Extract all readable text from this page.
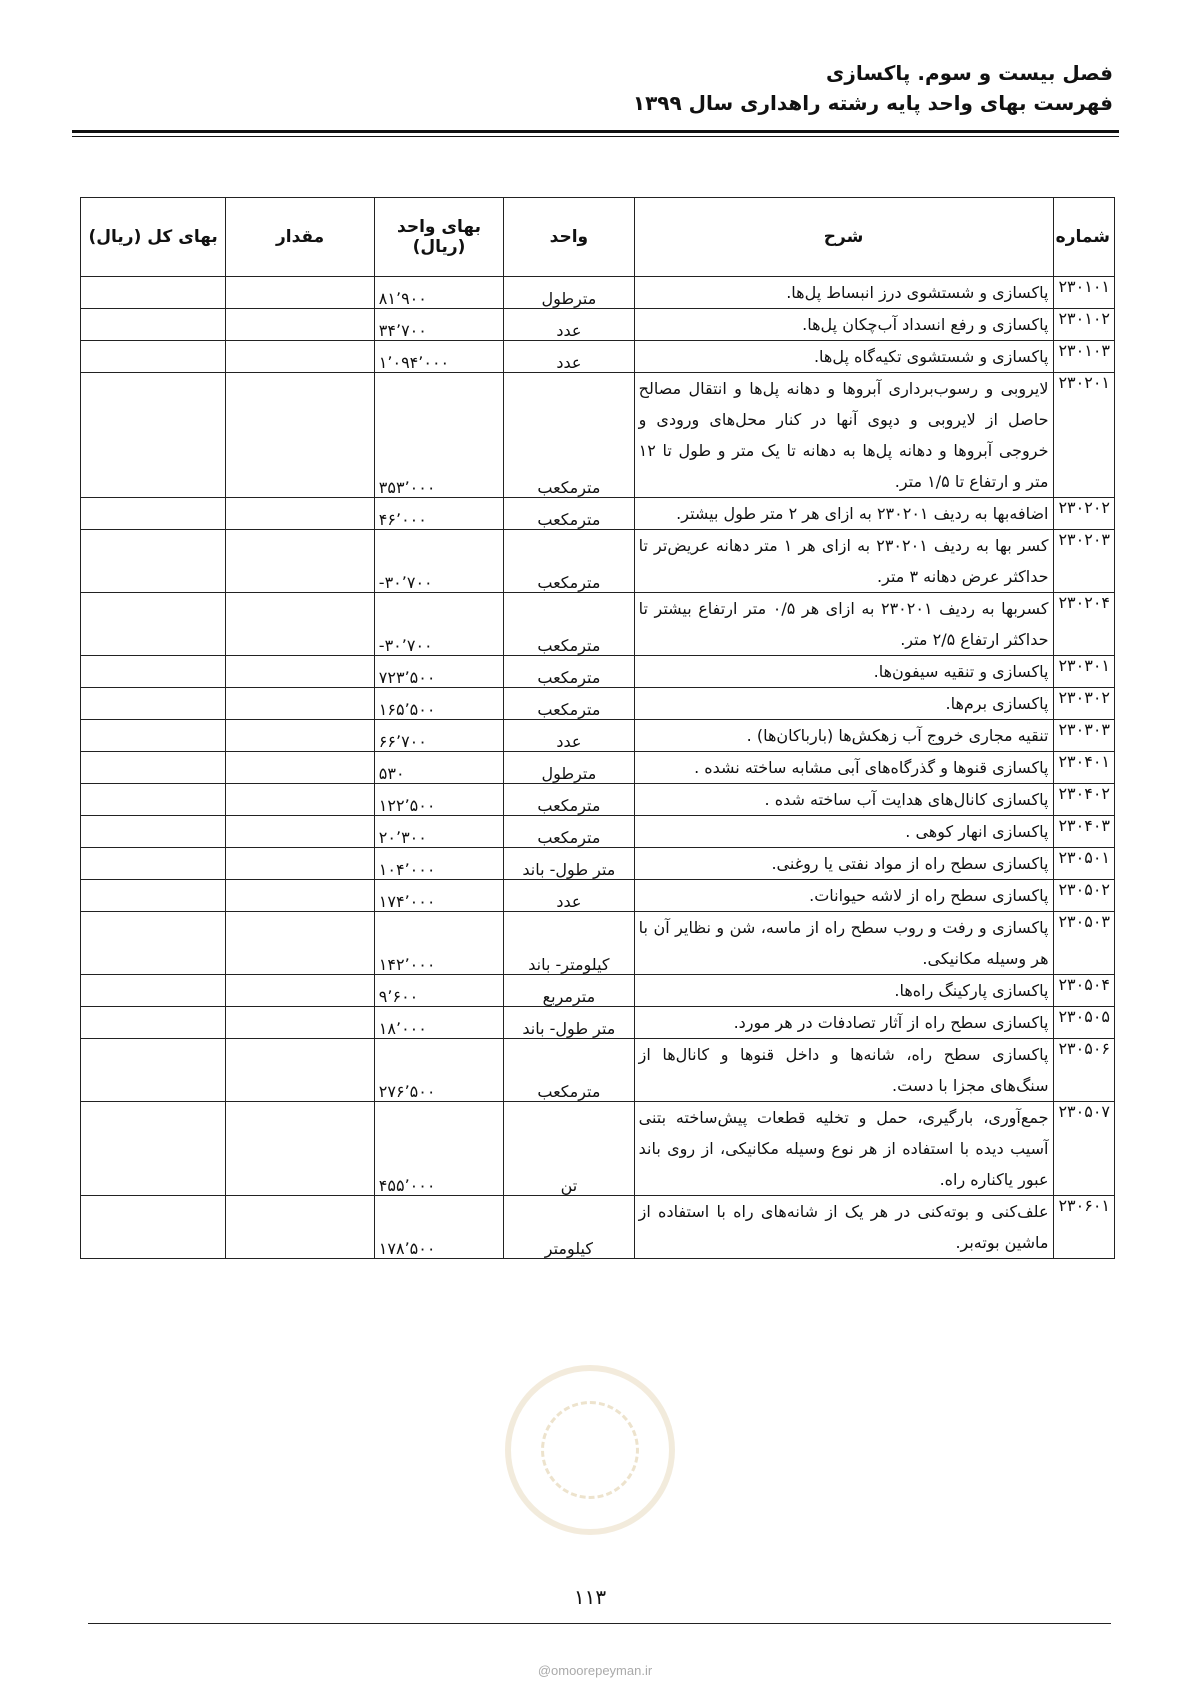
فصل بیست و سوم. پاکسازی
فهرست بهای واحد پایه رشته راهداری سال ۱۳۹۹
شماره	شرح	واحد	بهای واحد (ریال)	مقدار	بهای کل (ریال)
۲۳۰۱۰۱	پاکسازی و شستشوی درز انبساط پل‌ها.	مترطول	۸۱٬۹۰۰		
۲۳۰۱۰۲	پاکسازی و رفع انسداد آب‌چکان پل‌ها.	عدد	۳۴٬۷۰۰		
۲۳۰۱۰۳	پاکسازی و شستشوی تکیه‌گاه پل‌ها.	عدد	۱٬۰۹۴٬۰۰۰		
۲۳۰۲۰۱	لایروبی و رسوب‌برداری آبروها و دهانه پل‌ها و انتقال مصالح حاصل از لایروبی و دپوی آنها در کنار محل‌های ورودی و خروجی آبروها و دهانه پل‌ها به دهانه تا یک متر و طول تا ۱۲ متر و ارتفاع تا ۱/۵ متر.	مترمکعب	۳۵۳٬۰۰۰		
۲۳۰۲۰۲	اضافه‌بها به ردیف ۲۳۰۲۰۱ به ازای هر ۲ متر طول بیشتر.	مترمکعب	۴۶٬۰۰۰		
۲۳۰۲۰۳	کسر بها به ردیف ۲۳۰۲۰۱ به ازای هر ۱ متر دهانه عریض‌تر تا حداکثر عرض دهانه ۳ متر.	مترمکعب	-۳۰٬۷۰۰		
۲۳۰۲۰۴	کسربها به ردیف ۲۳۰۲۰۱ به ازای هر ۰/۵ متر ارتفاع بیشتر تا حداکثر ارتفاع ۲/۵ متر.	مترمکعب	-۳۰٬۷۰۰		
۲۳۰۳۰۱	پاکسازی و تنقیه سیفون‌ها.	مترمکعب	۷۲۳٬۵۰۰		
۲۳۰۳۰۲	پاکسازی برم‌ها.	مترمکعب	۱۶۵٬۵۰۰		
۲۳۰۳۰۳	تنقیه مجاری خروج آب زهکش‌ها (بارباکان‌ها) .	عدد	۶۶٬۷۰۰		
۲۳۰۴۰۱	پاکسازی قنوها و گذرگاه‌های آبی مشابه ساخته نشده .	مترطول	۵۳۰		
۲۳۰۴۰۲	پاکسازی کانال‌های هدایت آب ساخته شده .	مترمکعب	۱۲۲٬۵۰۰		
۲۳۰۴۰۳	پاکسازی انهار کوهی .	مترمکعب	۲۰٬۳۰۰		
۲۳۰۵۰۱	پاکسازی سطح راه از مواد نفتی یا روغنی.	متر طول- باند	۱۰۴٬۰۰۰		
۲۳۰۵۰۲	پاکسازی سطح راه از لاشه حیوانات.	عدد	۱۷۴٬۰۰۰		
۲۳۰۵۰۳	پاکسازی و رفت و روب سطح راه از ماسه، شن و نظایر آن با هر وسیله مکانیکی.	کیلومتر- باند	۱۴۲٬۰۰۰		
۲۳۰۵۰۴	پاکسازی پارکینگ راه‌ها.	مترمربع	۹٬۶۰۰		
۲۳۰۵۰۵	پاکسازی سطح راه از آثار تصادفات در هر مورد.	متر طول- باند	۱۸٬۰۰۰		
۲۳۰۵۰۶	پاکسازی سطح راه، شانه‌ها و داخل قنوها و کانال‌ها از سنگ‌های مجزا با دست.	مترمکعب	۲۷۶٬۵۰۰		
۲۳۰۵۰۷	جمع‌آوری، بارگیری، حمل و تخلیه قطعات پیش‌ساخته بتنی آسیب دیده با استفاده از هر نوع وسیله مکانیکی، از روی باند عبور یاکناره راه.	تن	۴۵۵٬۰۰۰		
۲۳۰۶۰۱	علف‌کنی و بوته‌کنی در هر یک از شانه‌های راه با استفاده از ماشین بوته‌بر.	کیلومتر	۱۷۸٬۵۰۰		
۱۱۳
@omoorepeyman.ir
